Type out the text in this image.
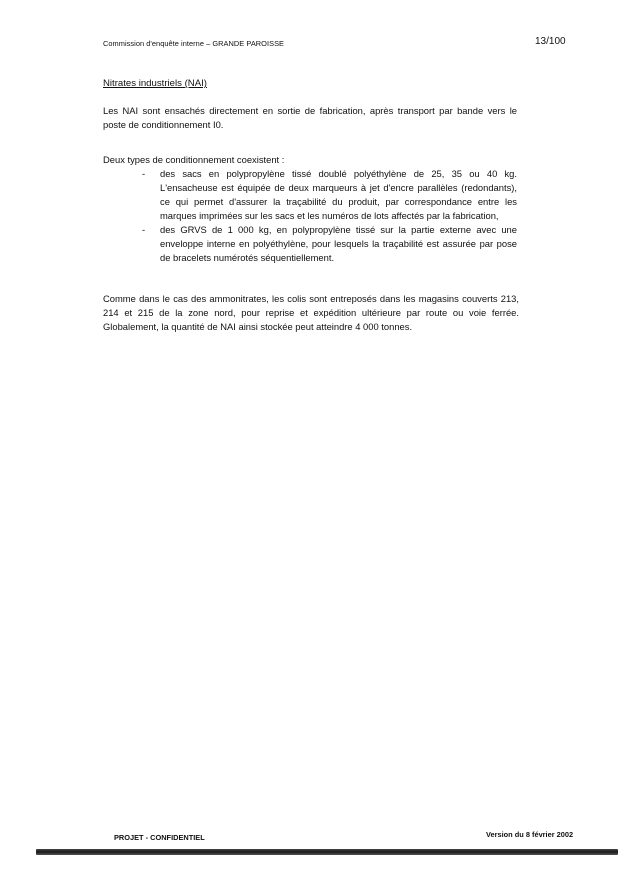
Commission d'enquête interne – GRANDE PAROISSE	13/100
Nitrates industriels (NAI)

Les NAI sont ensachés directement en sortie de fabrication, après transport par bande vers le poste de conditionnement I0.

Deux types de conditionnement coexistent :

- des sacs en polypropylène tissé doublé polyéthylène de 25, 35 ou 40 kg. L'ensacheuse est équipée de deux marqueurs à jet d'encre parallèles (redondants), ce qui permet d'assurer la traçabilité du produit, par correspondance entre les marques imprimées sur les sacs et les numéros de lots affectés par la fabrication,
- des GRVS de 1 000 kg, en polypropylène tissé sur la partie externe avec une enveloppe interne en polyéthylène, pour lesquels la traçabilité est assurée par pose de bracelets numérotés séquentiellement.

Comme dans le cas des ammonitrates, les colis sont entreposés dans les magasins couverts 213, 214 et 215 de la zone nord, pour reprise et expédition ultérieure par route ou voie ferrée. Globalement, la quantité de NAI ainsi stockée peut atteindre 4 000 tonnes.

PROJET - CONFIDENTIEL	Version du 8 février 2002
